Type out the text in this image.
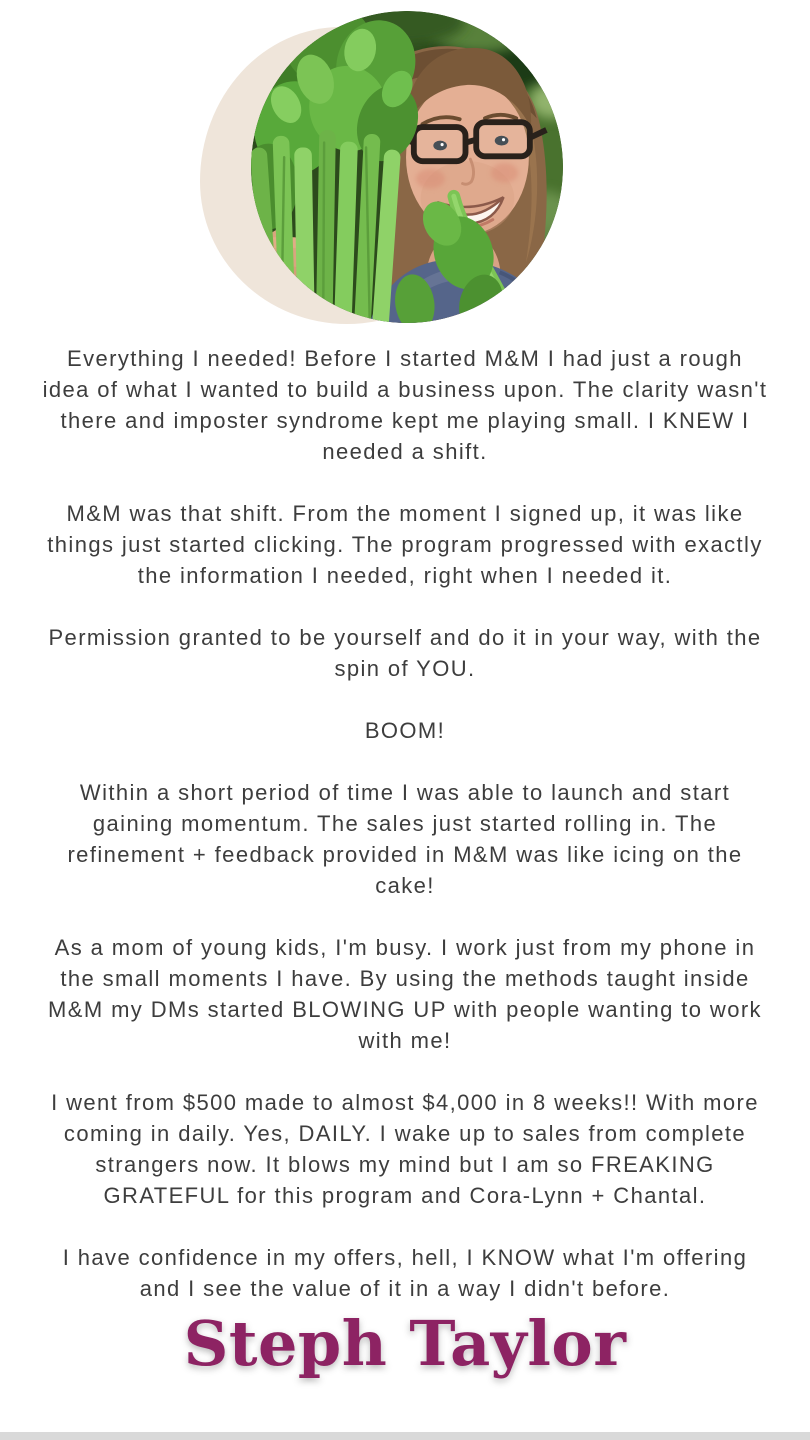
Everything I needed! Before I started M&M I had just a rough idea of what I wanted to build a business upon. The clarity wasn't there and imposter syndrome kept me playing small. I KNEW I needed a shift.

M&M was that shift. From the moment I signed up, it was like things just started clicking. The program progressed with exactly the information I needed, right when I needed it.

Permission granted to be yourself and do it in your way, with the spin of YOU.

BOOM!

Within a short period of time I was able to launch and start gaining momentum. The sales just started rolling in. The refinement + feedback provided in M&M was like icing on the cake!

As a mom of young kids, I'm busy. I work just from my phone in the small moments I have. By using the methods taught inside M&M my DMs started BLOWING UP with people wanting to work with me!

I went from $500 made to almost $4,000 in 8 weeks!! With more coming in daily. Yes, DAILY. I wake up to sales from complete strangers now. It blows my mind but I am so FREAKING GRATEFUL for this program and Cora-Lynn + Chantal.

I have confidence in my offers, hell, I KNOW what I'm offering and I see the value of it in a way I didn't before.

Steph Taylor
